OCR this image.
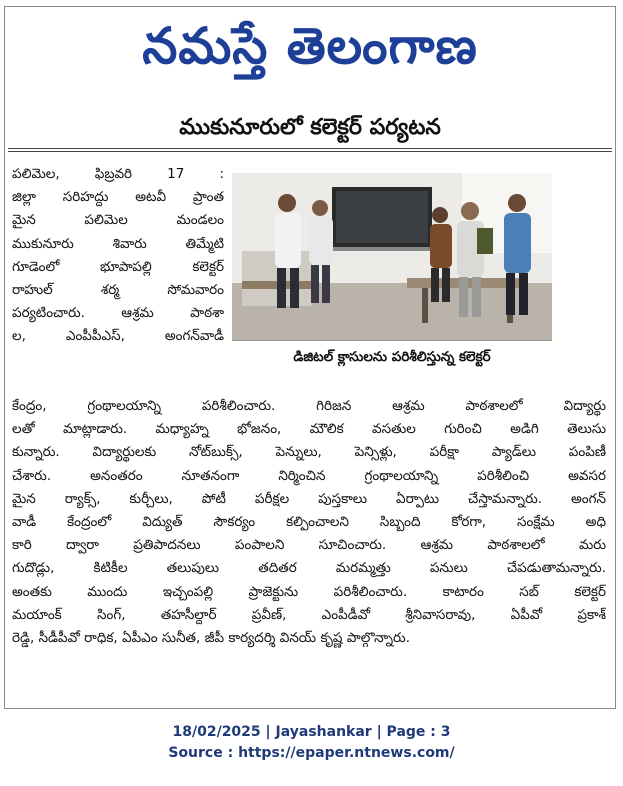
నమస్తే తెలంగాణ
ముకునూరులో కలెక్టర్ పర్యటన
పలిమెల, ఫిబ్రవరి 17 :
జిల్లా సరిహద్దు అటవీ ప్రాంత
మైన పలిమెల మండలం
ముకునూరు శివారు తిమ్మేటి
గూడెంలో భూపాపల్లి కలెక్టర్
రాహుల్ శర్మ సోమవారం
పర్యటించారు. ఆశ్రమ పాఠశా
ల, ఎంపీపీఎస్, అంగన్‌వాడీ
డిజిటల్ క్లాసులను పరిశీలిస్తున్న కలెక్టర్
కేంద్రం, గ్రంథాలయాన్ని పరిశీలించారు. గిరిజన ఆశ్రమ పాఠశాలలో విద్యార్థు
లతో మాట్లాడారు. మధ్యాహ్న భోజనం, మౌలిక వసతుల గురించి అడిగి తెలుసు
కున్నారు. విద్యార్థులకు నోట్‌బుక్స్, పెన్నులు, పెన్సిళ్లు, పరీక్షా ప్యాడ్‌లు పంపిణీ
చేశారు. అనంతరం నూతనంగా నిర్మించిన గ్రంథాలయాన్ని పరిశీలించి అవసర
మైన ర్యాక్స్, కుర్చీలు, పోటీ పరీక్షల పుస్తకాలు ఏర్పాటు చేస్తామన్నారు. అంగన్
వాడీ కేంద్రంలో విద్యుత్ సౌకర్యం కల్పించాలని సిబ్బంది కోరగా, సంక్షేమ అధి
కారి ద్వారా ప్రతిపాదనలు పంపాలని సూచించారు. ఆశ్రమ పాఠశాలలో మరు
గుదొడ్లు, కిటికీల తలుపులు తదితర మరమ్మత్తు పనులు చేపడుతామన్నారు.
అంతకు ముందు ఇచ్చంపల్లి ప్రాజెక్టును పరిశీలించారు. కాటారం సబ్ కలెక్టర్
మయాంక్ సింగ్, తహసీల్దార్ ప్రవీణ్, ఎంపీడీవో శ్రీనివాసరావు, ఏపీవో ప్రకాశ్
రెడ్డి, సీడీపీవో రాధిక, ఏపీఎం సునీత, జీపీ కార్యదర్శి వినయ్ కృష్ణ పాల్గొన్నారు.
18/02/2025 | Jayashankar | Page : 3
Source : https://epaper.ntnews.com/
